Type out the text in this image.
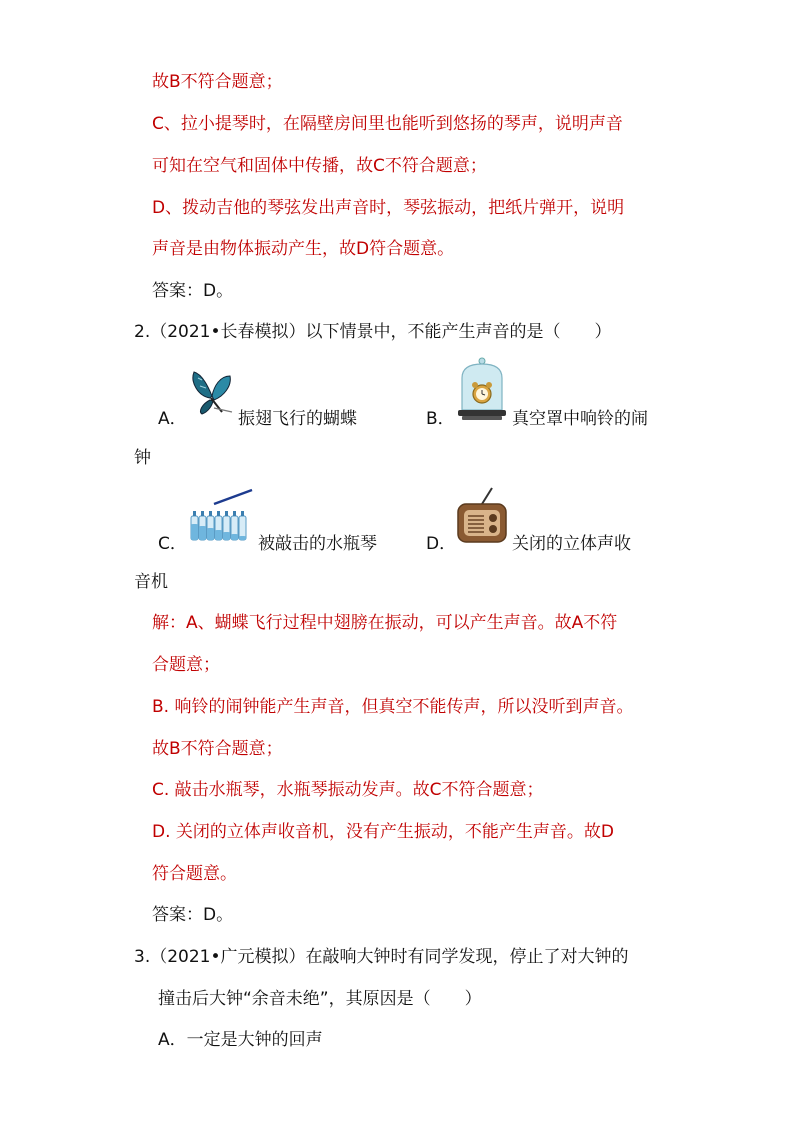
故B不符合题意；
C、拉小提琴时，在隔壁房间里也能听到悠扬的琴声，说明声音
可知在空气和固体中传播，故C不符合题意；
D、拨动吉他的琴弦发出声音时，琴弦振动，把纸片弹开，说明
声音是由物体振动产生，故D符合题意。
答案：D。
2.（2021•长春模拟）以下情景中，不能产生声音的是（　　）
A．	振翅飞行的蝴蝶	B．	真空罩中响铃的闹
钟
C．	被敲击的水瓶琴	D．	关闭的立体声收
音机
解：A、蝴蝶飞行过程中翅膀在振动，可以产生声音。故A不符
合题意；
B. 响铃的闹钟能产生声音，但真空不能传声，所以没听到声音。
故B不符合题意；
C. 敲击水瓶琴，水瓶琴振动发声。故C不符合题意；
D. 关闭的立体声收音机，没有产生振动，不能产生声音。故D
符合题意。
答案：D。
3.（2021•广元模拟）在敲响大钟时有同学发现，停止了对大钟的
撞击后大钟“余音未绝”，其原因是（　　）
A．一定是大钟的回声
